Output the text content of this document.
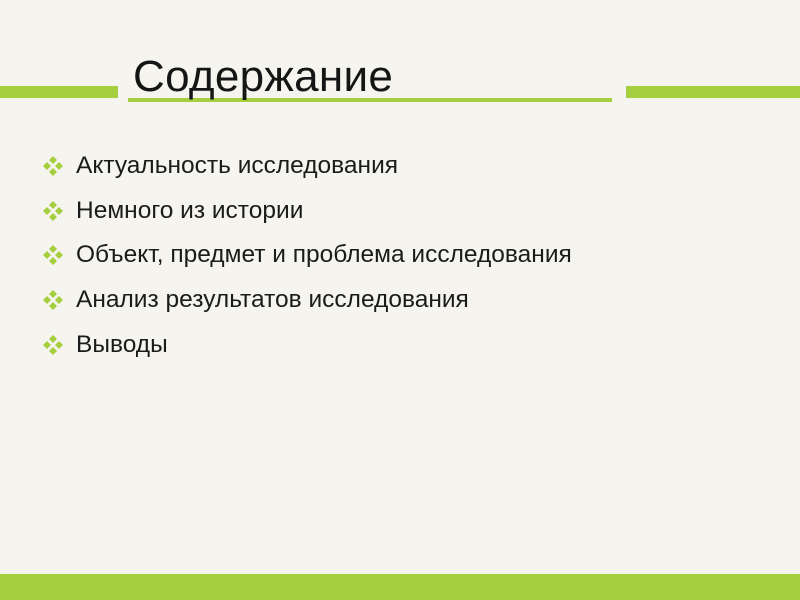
Содержание
Актуальность исследования
Немного из истории
Объект, предмет и проблема исследования
Анализ результатов исследования
Выводы
